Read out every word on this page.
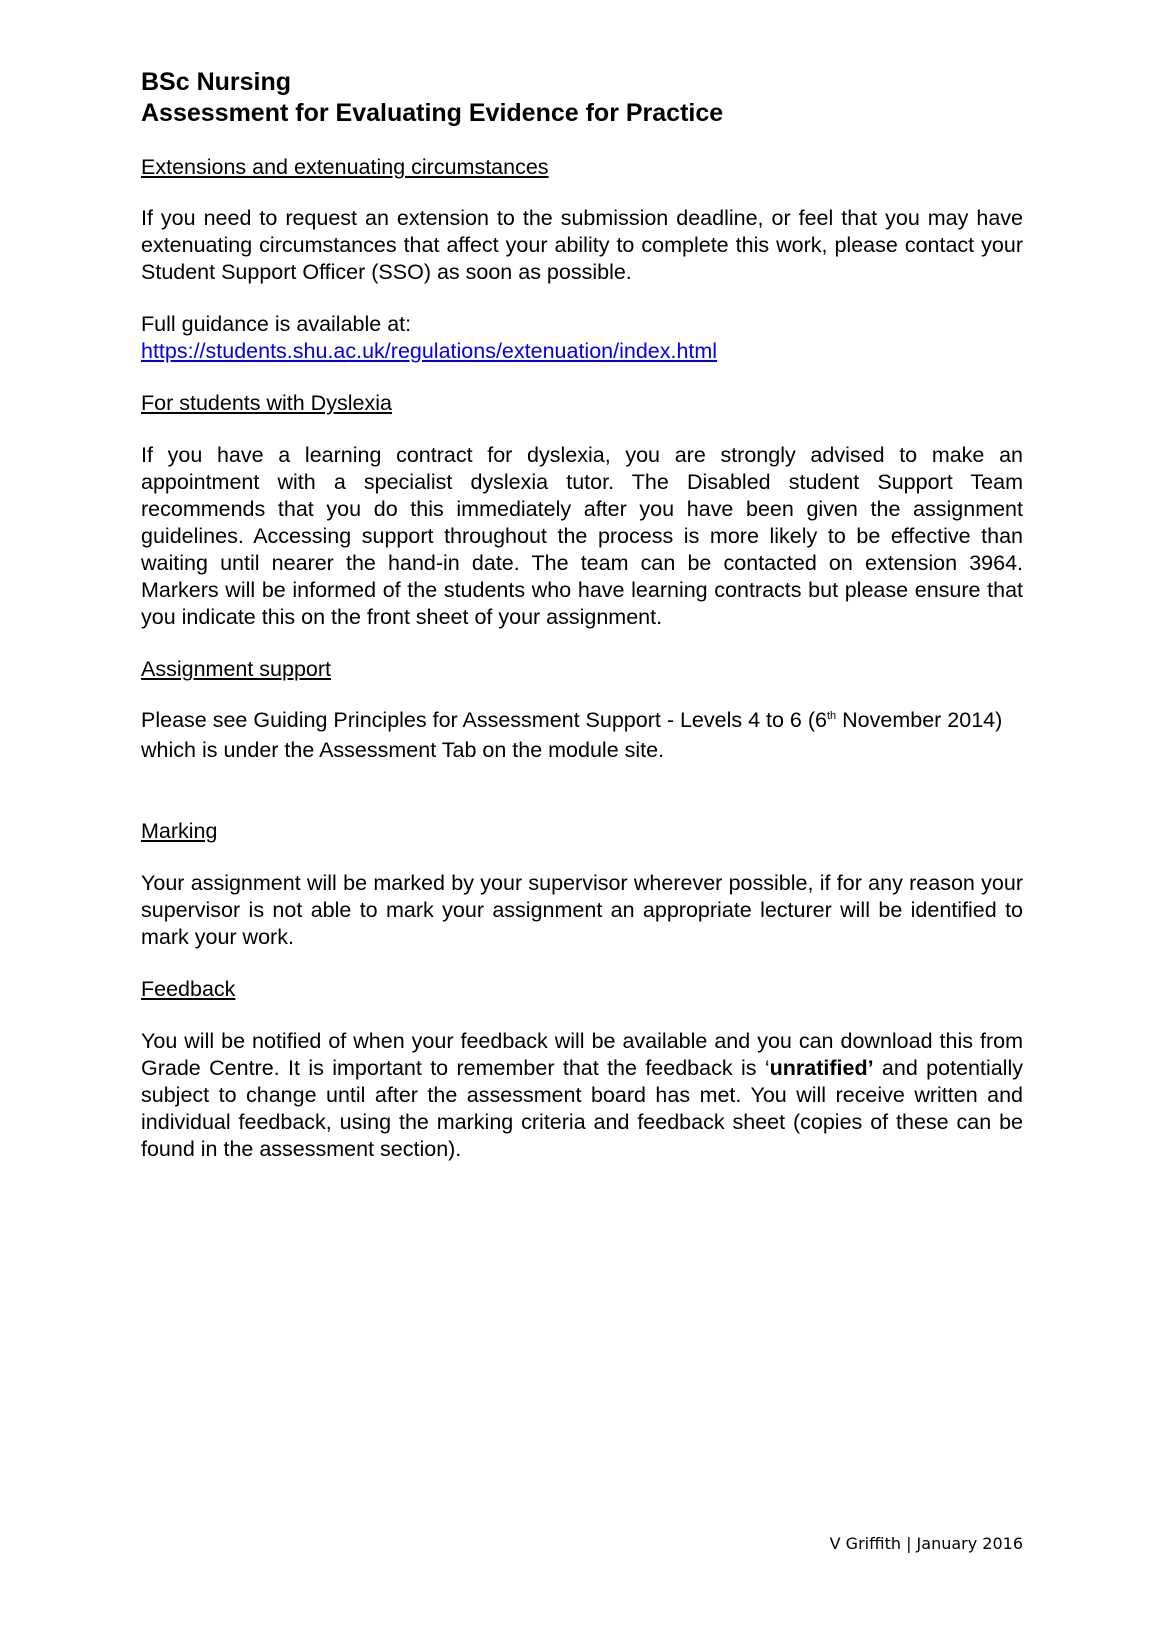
BSc Nursing

Assessment for Evaluating Evidence for Practice

Extensions and extenuating circumstances

If you need to request an extension to the submission deadline, or feel that you may have extenuating circumstances that affect your ability to complete this work, please contact your Student Support Officer (SSO) as soon as possible.

Full guidance is available at:

https://students.shu.ac.uk/regulations/extenuation/index.html

For students with Dyslexia

If you have a learning contract for dyslexia, you are strongly advised to make an appointment with a specialist dyslexia tutor. The Disabled student Support Team recommends that you do this immediately after you have been given the assignment guidelines. Accessing support throughout the process is more likely to be effective than waiting until nearer the hand-in date. The team can be contacted on extension 3964. Markers will be informed of the students who have learning contracts but please ensure that you indicate this on the front sheet of your assignment.

Assignment support

Please see Guiding Principles for Assessment Support - Levels 4 to 6 (6th November 2014) which is under the Assessment Tab on the module site.

Marking

Your assignment will be marked by your supervisor wherever possible, if for any reason your supervisor is not able to mark your assignment an appropriate lecturer will be identified to mark your work.

Feedback

You will be notified of when your feedback will be available and you can download this from Grade Centre. It is important to remember that the feedback is ‘unratified’ and potentially subject to change until after the assessment board has met. You will receive written and individual feedback, using the marking criteria and feedback sheet (copies of these can be found in the assessment section).

V Griffith | January 2016
